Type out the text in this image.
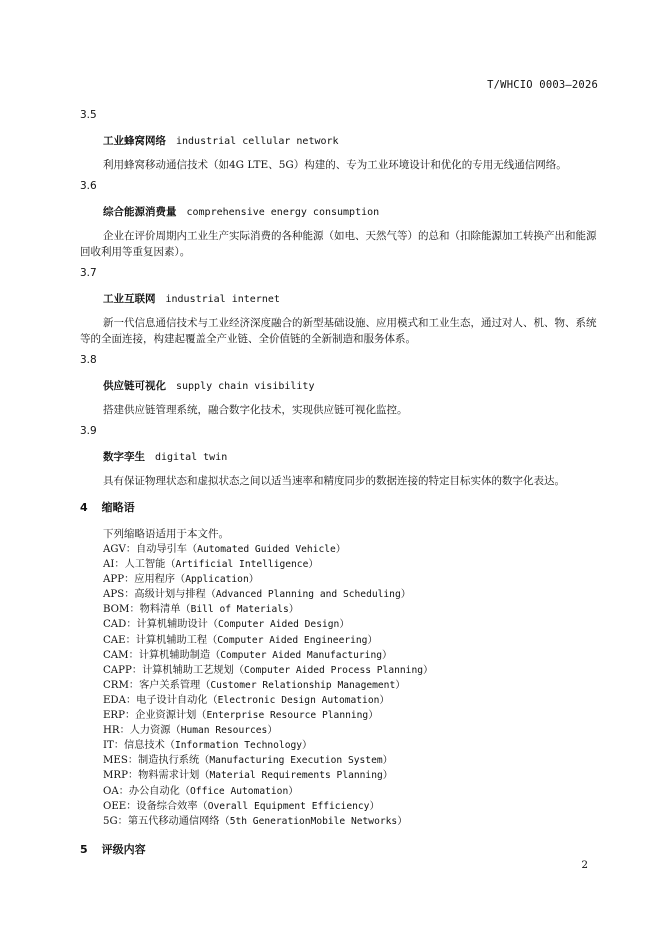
T/WHCIO 0003—2026
3.5
工业蜂窝网络 industrial cellular network
利用蜂窝移动通信技术（如4G LTE、5G）构建的、专为工业环境设计和优化的专用无线通信网络。
3.6
综合能源消费量 comprehensive energy consumption
企业在评价周期内工业生产实际消费的各种能源（如电、天然气等）的总和（扣除能源加工转换产出和能源回收利用等重复因素）。
3.7
工业互联网 industrial internet
新一代信息通信技术与工业经济深度融合的新型基础设施、应用模式和工业生态，通过对人、机、物、系统等的全面连接，构建起覆盖全产业链、全价值链的全新制造和服务体系。
3.8
供应链可视化 supply chain visibility
搭建供应链管理系统，融合数字化技术，实现供应链可视化监控。
3.9
数字孪生 digital twin
具有保证物理状态和虚拟状态之间以适当速率和精度同步的数据连接的特定目标实体的数字化表达。
4 缩略语
下列缩略语适用于本文件。
AGV：自动导引车（Automated Guided Vehicle）
AI：人工智能（Artificial Intelligence）
APP：应用程序（Application）
APS：高级计划与排程（Advanced Planning and Scheduling）
BOM：物料清单（Bill of Materials）
CAD：计算机辅助设计（Computer Aided Design）
CAE：计算机辅助工程（Computer Aided Engineering）
CAM：计算机辅助制造（Computer Aided Manufacturing）
CAPP：计算机辅助工艺规划（Computer Aided Process Planning）
CRM：客户关系管理（Customer Relationship Management）
EDA：电子设计自动化（Electronic Design Automation）
ERP：企业资源计划（Enterprise Resource Planning）
HR：人力资源（Human Resources）
IT：信息技术（Information Technology）
MES：制造执行系统（Manufacturing Execution System）
MRP：物料需求计划（Material Requirements Planning）
OA：办公自动化（Office Automation）
OEE：设备综合效率（Overall Equipment Efficiency）
5G：第五代移动通信网络（5th GenerationMobile Networks）
5 评级内容
2
